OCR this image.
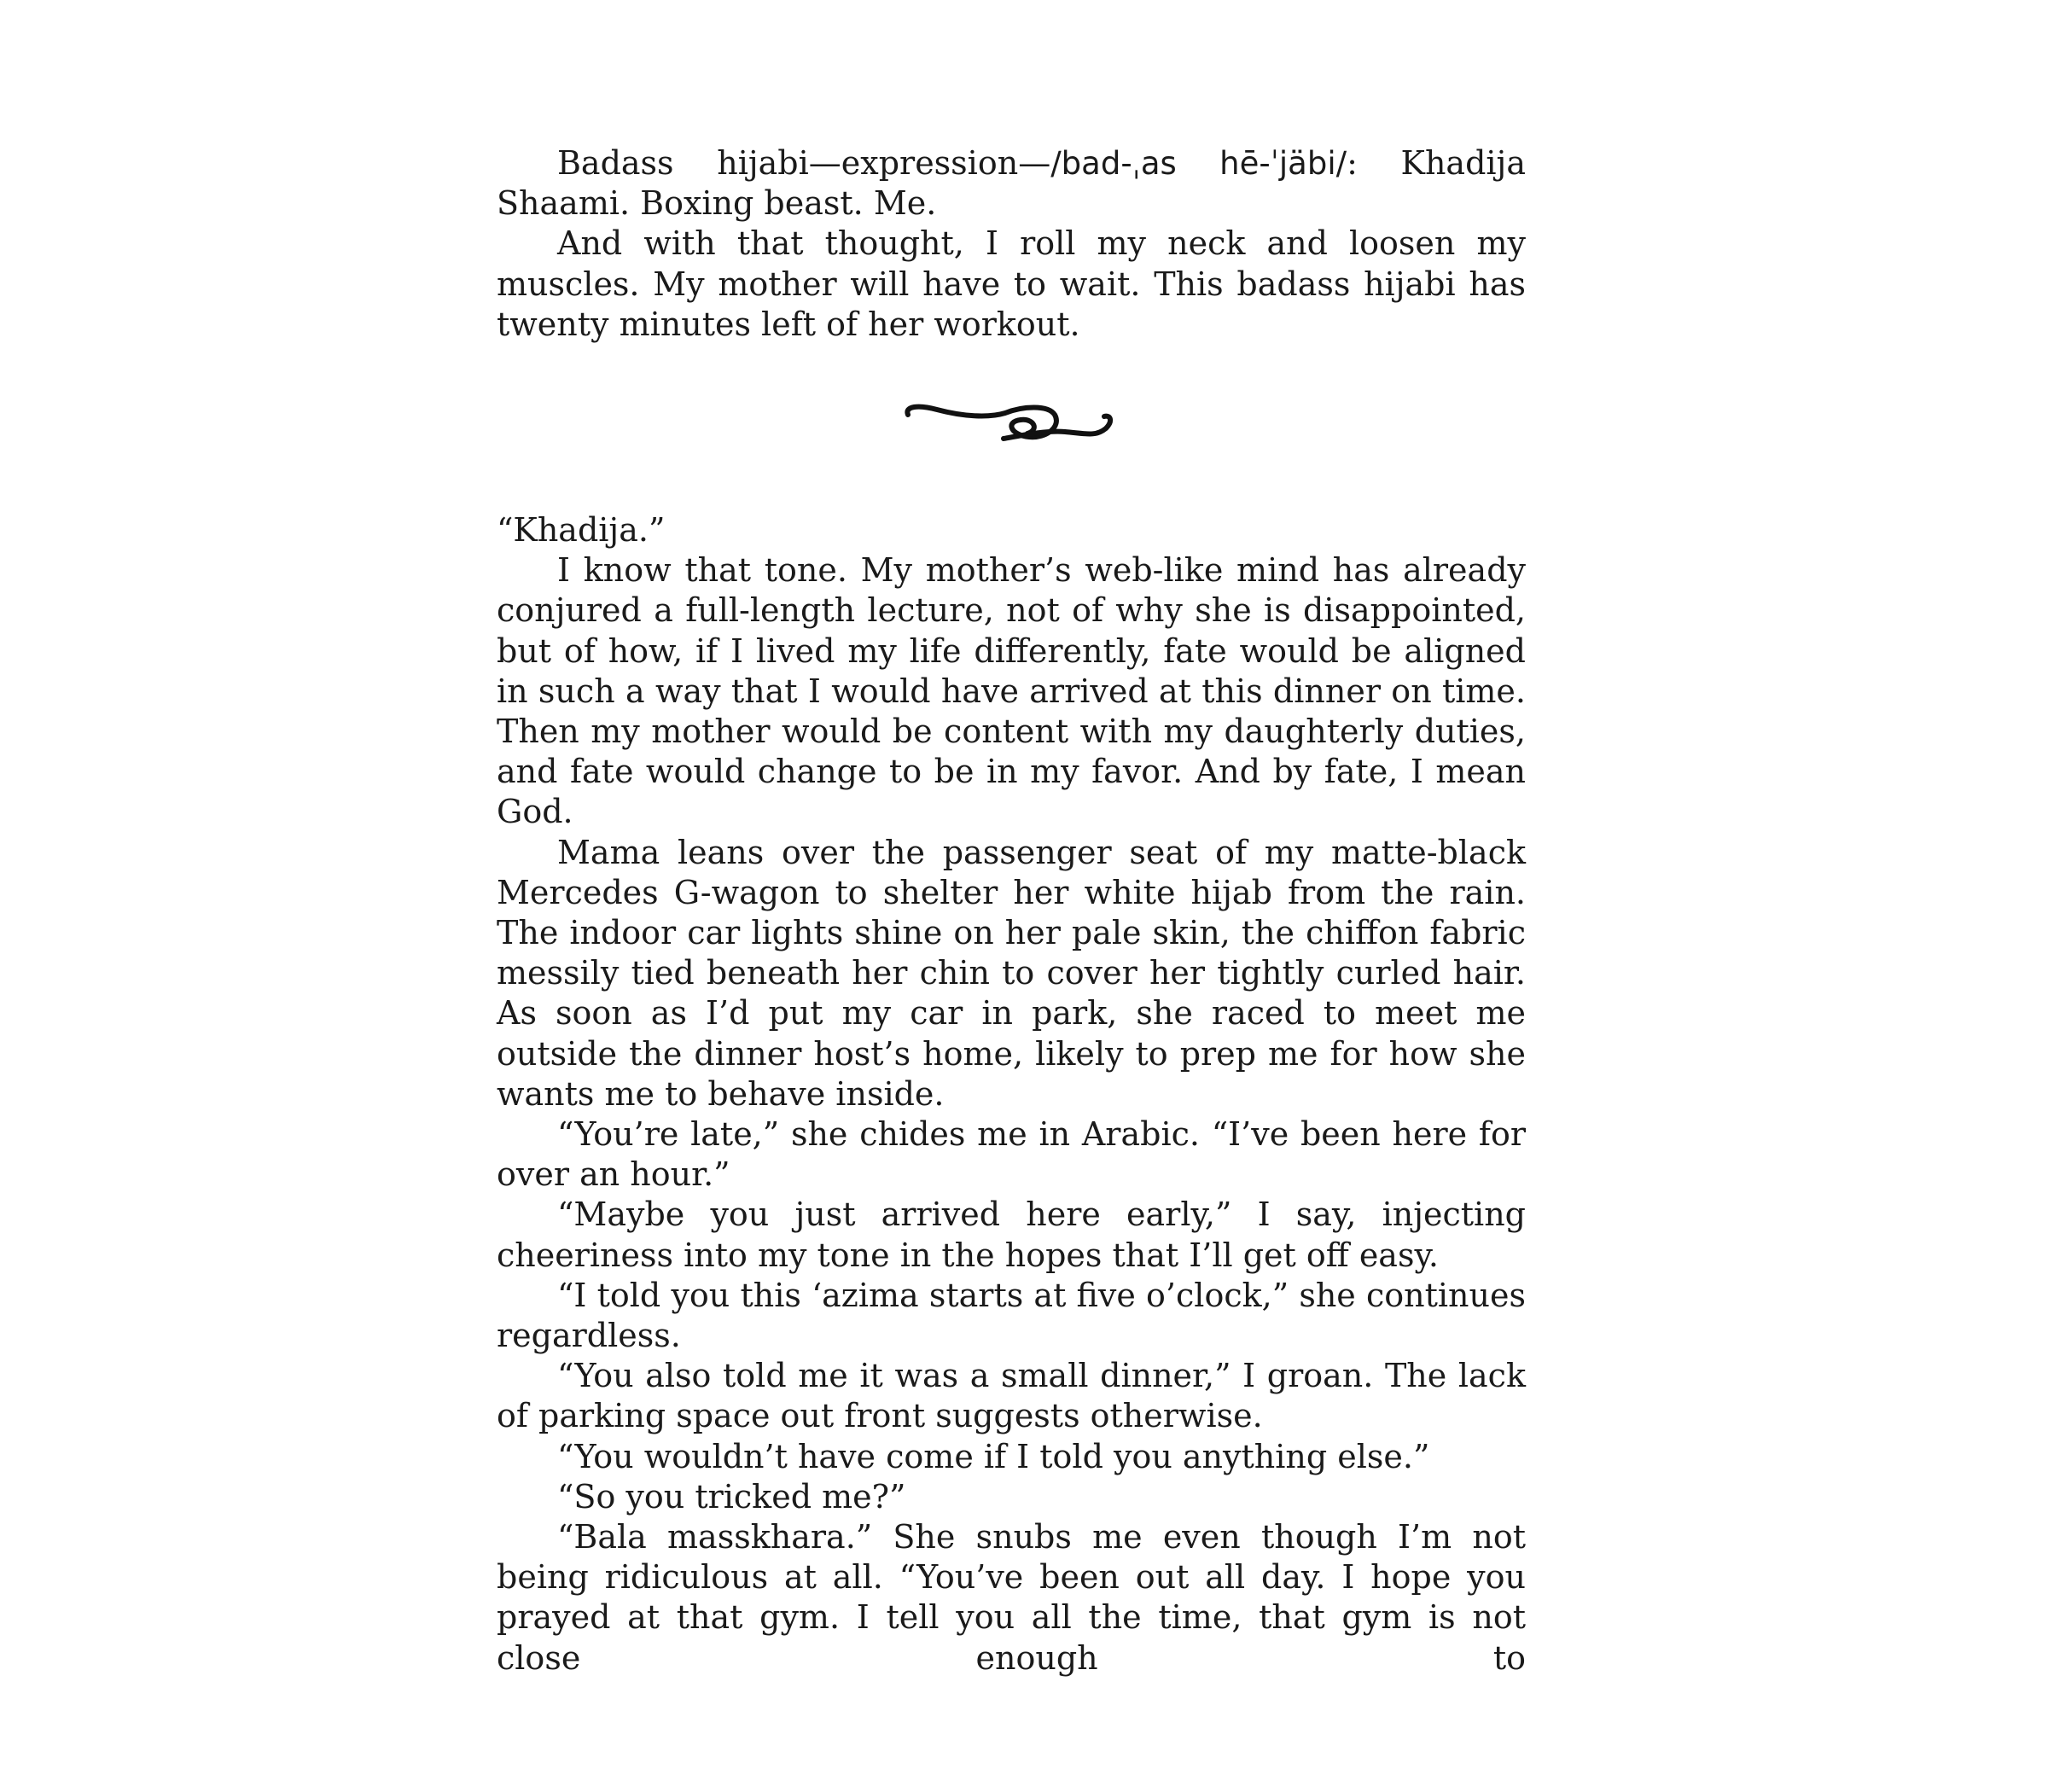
Badass hijabi—expression—/bad-ˌas hē-ˈjäbi/: Khadija Shaami. Boxing beast. Me.

And with that thought, I roll my neck and loosen my muscles. My mother will have to wait. This badass hijabi has twenty minutes left of her workout.

“Khadija.”

I know that tone. My mother’s web-like mind has already conjured a full-length lecture, not of why she is disappointed, but of how, if I lived my life differently, fate would be aligned in such a way that I would have arrived at this dinner on time. Then my mother would be content with my daughterly duties, and fate would change to be in my favor. And by fate, I mean God.

Mama leans over the passenger seat of my matte-black Mercedes G-wagon to shelter her white hijab from the rain. The indoor car lights shine on her pale skin, the chiffon fabric messily tied beneath her chin to cover her tightly curled hair. As soon as I’d put my car in park, she raced to meet me outside the dinner host’s home, likely to prep me for how she wants me to behave inside.

“You’re late,” she chides me in Arabic. “I’ve been here for over an hour.”

“Maybe you just arrived here early,” I say, injecting cheeriness into my tone in the hopes that I’ll get off easy.

“I told you this ‘azima starts at five o’clock,” she continues regardless.

“You also told me it was a small dinner,” I groan. The lack of parking space out front suggests otherwise.

“You wouldn’t have come if I told you anything else.”

“So you tricked me?”

“Bala masskhara.” She snubs me even though I’m not being ridiculous at all. “You’ve been out all day. I hope you prayed at that gym. I tell you all the time, that gym is not close enough to
